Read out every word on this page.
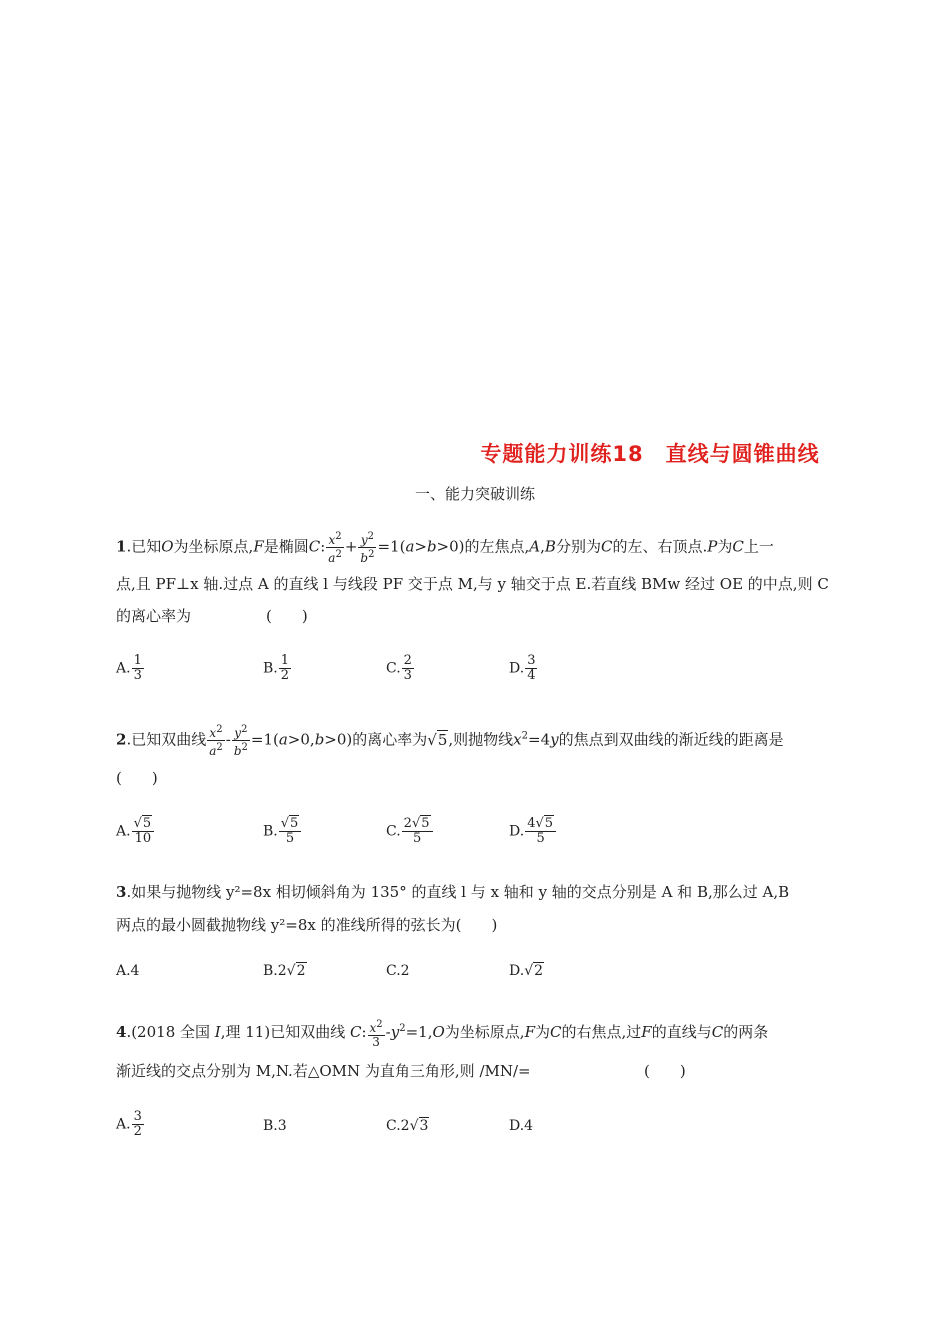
专题能力训练18　直线与圆锥曲线
一、能力突破训练
1.已知O为坐标原点,F是椭圆C: $\frac{x^2}{a^2} + \frac{y^2}{b^2} =1(a>b>0)$的左焦点,A,B分别为C的左、右顶点.P为C上一
点,且 PF⊥x 轴.过点 A 的直线 l 与线段 PF 交于点 M,与 y 轴交于点 E.若直线 BMw 经过 OE 的中点,则 C
的离心率为	(　　)
A. $\frac{1}{3}$	B. $\frac{1}{2}$	C. $\frac{2}{3}$	D. $\frac{3}{4}$
2.已知双曲线 $\frac{x^2}{a^2} - \frac{y^2}{b^2} =1(a>0,b>0)$的离心率为√5,则抛物线$x^2=4y$的焦点到双曲线的渐近线的距离是
(　　)
A. $\frac{√5}{10}$	B. $\frac{√5}{5}$	C. $\frac{2√5}{5}$	D. $\frac{4√5}{5}$
3.如果与抛物线 y²=8x 相切倾斜角为 135° 的直线 l 与 x 轴和 y 轴的交点分别是 A 和 B,那么过 A,B
两点的最小圆截抛物线 y²=8x 的准线所得的弦长为(　　)
A.4	B.2√2	C.2	D.√2
4.(2018 全国 I,理 11)已知双曲线 C: $\frac{x^2}{3} -y^2=1,O$为坐标原点,F为C的右焦点,过F的直线与C的两条
渐近线的交点分别为 M,N.若△OMN 为直角三角形,则 /MN/=	(　　)
A. $\frac{3}{2}$	B.3	C.2√3	D.4
